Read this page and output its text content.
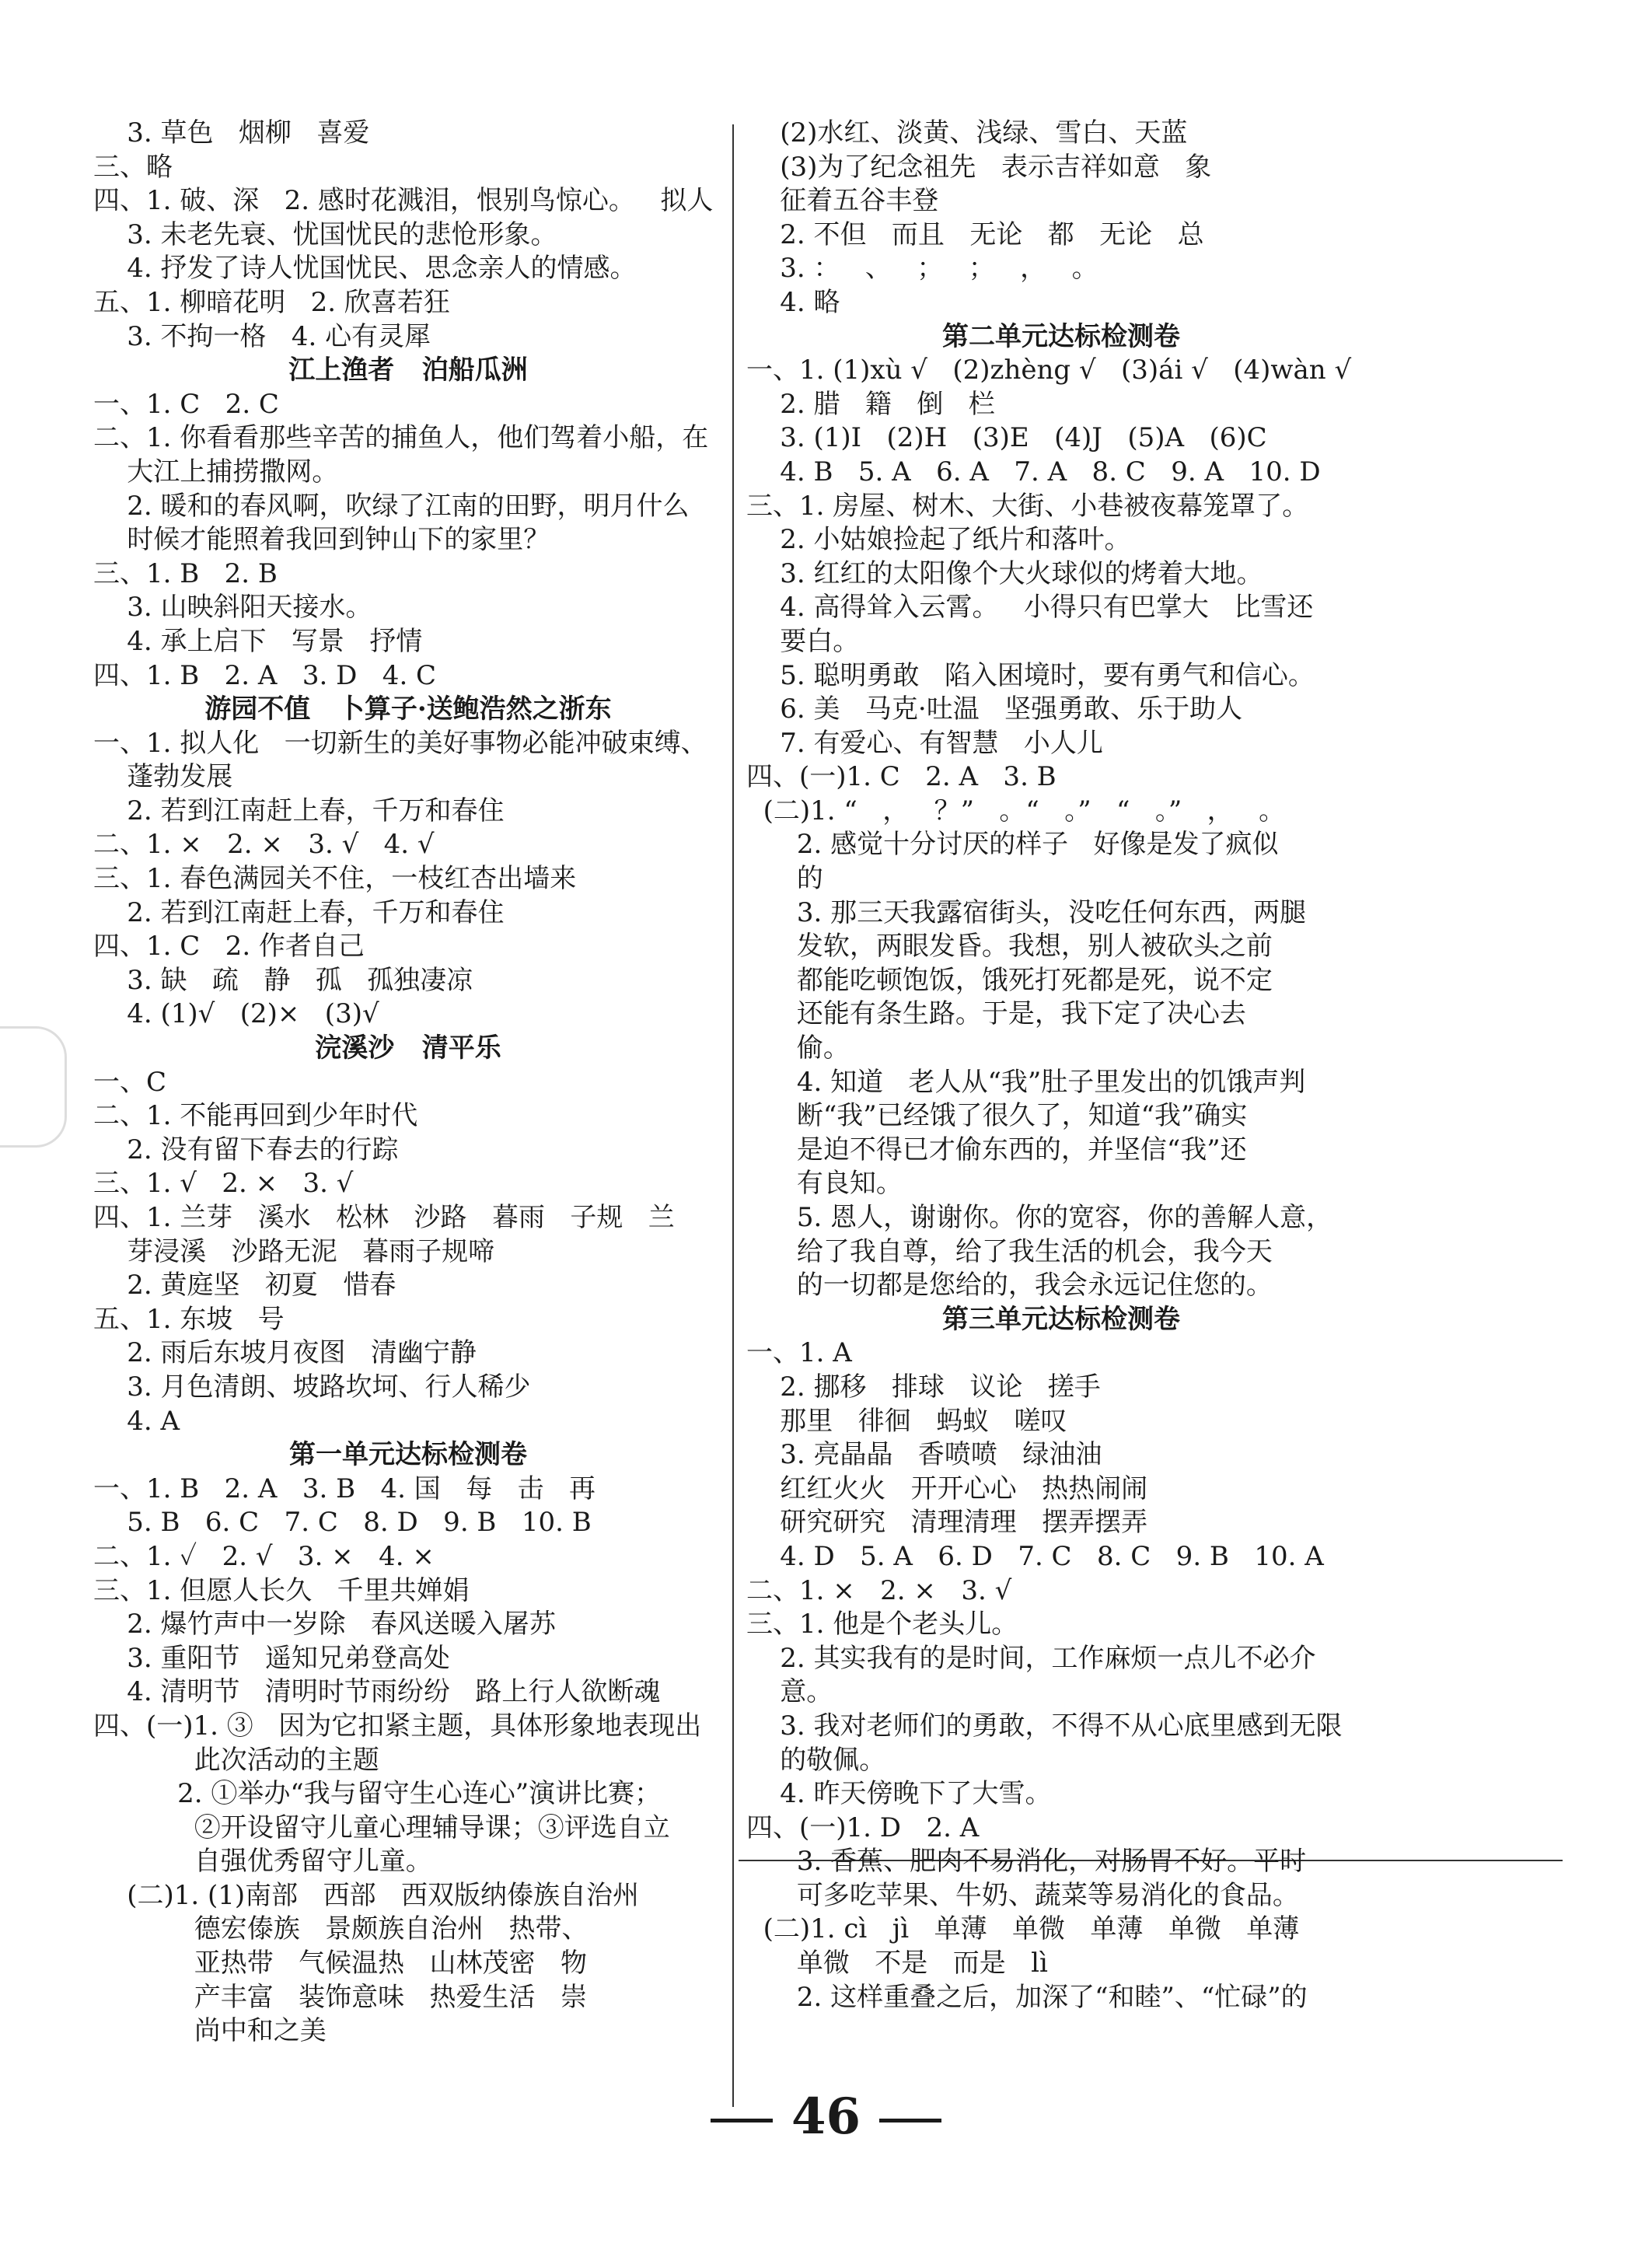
3. 草色   烟柳   喜爱
三、略
四、1. 破、深   2. 感时花溅泪，恨别鸟惊心。   拟人
3. 未老先衰、忧国忧民的悲怆形象。
4. 抒发了诗人忧国忧民、思念亲人的情感。
五、1. 柳暗花明   2. 欣喜若狂
3. 不拘一格   4. 心有灵犀
江上渔者   泊船瓜洲
一、1. C   2. C
二、1. 你看看那些辛苦的捕鱼人，他们驾着小船，在
大江上捕捞撒网。
2. 暖和的春风啊，吹绿了江南的田野，明月什么
时候才能照着我回到钟山下的家里？
三、1. B   2. B
3. 山映斜阳天接水。
4. 承上启下   写景   抒情
四、1. B   2. A   3. D   4. C
游园不值   卜算子·送鲍浩然之浙东
一、1. 拟人化   一切新生的美好事物必能冲破束缚、
蓬勃发展
2. 若到江南赶上春，千万和春住
二、1. ×   2. ×   3. √   4. √
三、1. 春色满园关不住，一枝红杏出墙来
2. 若到江南赶上春，千万和春住
四、1. C   2. 作者自己
3. 缺   疏   静   孤   孤独凄凉
4. (1)√   (2)×   (3)√
浣溪沙   清平乐
一、C
二、1. 不能再回到少年时代
2. 没有留下春去的行踪
三、1. √   2. ×   3. √
四、1. 兰芽   溪水   松林   沙路   暮雨   子规   兰
芽浸溪   沙路无泥   暮雨子规啼
2. 黄庭坚   初夏   惜春
五、1. 东坡   号
2. 雨后东坡月夜图   清幽宁静
3. 月色清朗、坡路坎坷、行人稀少
4. A
第一单元达标检测卷
一、1. B   2. A   3. B   4. 国   每   击   再
5. B   6. C   7. C   8. D   9. B   10. B
二、1. ✓   2. √   3. ×   4. ×
三、1. 但愿人长久   千里共婵娟
2. 爆竹声中一岁除   春风送暖入屠苏
3. 重阳节   遥知兄弟登高处
4. 清明节   清明时节雨纷纷   路上行人欲断魂
四、(一)1. ③   因为它扣紧主题，具体形象地表现出
此次活动的主题
2. ①举办“我与留守生心连心”演讲比赛；
②开设留守儿童心理辅导课；③评选自立
自强优秀留守儿童。
(二)1. (1)南部   西部   西双版纳傣族自治州
德宏傣族   景颇族自治州   热带、
亚热带   气候温热   山林茂密   物
产丰富   装饰意味   热爱生活   崇
尚中和之美
(2)水红、淡黄、浅绿、雪白、天蓝
(3)为了纪念祖先   表示吉祥如意   象
征着五谷丰登
2. 不但   而且   无论   都   无论   总
3. ：   、   ；   ；   ，   。
4. 略
第二单元达标检测卷
一、1. (1)xù √   (2)zhèng √   (3)ái √   (4)wàn √
2. 腊   籍   倒   栏
3. (1)I   (2)H   (3)E   (4)J   (5)A   (6)C
4. B   5. A   6. A   7. A   8. C   9. A   10. D
三、1. 房屋、树木、大街、小巷被夜幕笼罩了。
2. 小姑娘捡起了纸片和落叶。
3. 红红的太阳像个大火球似的烤着大地。
4. 高得耸入云霄。   小得只有巴掌大   比雪还
要白。
5. 聪明勇敢   陷入困境时，要有勇气和信心。
6. 美   马克·吐温   坚强勇敢、乐于助人
7. 有爱心、有智慧   小人儿
四、(一)1. C   2. A   3. B
(二)1. “   ，   ？”   。“   。”   “   。”   ，   。
2. 感觉十分讨厌的样子   好像是发了疯似
的
3. 那三天我露宿街头，没吃任何东西，两腿
发软，两眼发昏。我想，别人被砍头之前
都能吃顿饱饭，饿死打死都是死，说不定
还能有条生路。于是，我下定了决心去
偷。
4. 知道   老人从“我”肚子里发出的饥饿声判
断“我”已经饿了很久了，知道“我”确实
是迫不得已才偷东西的，并坚信“我”还
有良知。
5. 恩人，谢谢你。你的宽容，你的善解人意，
给了我自尊，给了我生活的机会，我今天
的一切都是您给的，我会永远记住您的。
第三单元达标检测卷
一、1. A
2. 挪移   排球   议论   搓手
那里   徘徊   蚂蚁   嗟叹
3. 亮晶晶   香喷喷   绿油油
红红火火   开开心心   热热闹闹
研究研究   清理清理   摆弄摆弄
4. D   5. A   6. D   7. C   8. C   9. B   10. A
二、1. ×   2. ×   3. √
三、1. 他是个老头儿。
2. 其实我有的是时间，工作麻烦一点儿不必介
意。
3. 我对老师们的勇敢，不得不从心底里感到无限
的敬佩。
4. 昨天傍晚下了大雪。
四、(一)1. D   2. A
3. 香蕉、肥肉不易消化，对肠胃不好。平时
可多吃苹果、牛奶、蔬菜等易消化的食品。
(二)1. cì   jì   单薄   单微   单薄   单微   单薄
单微   不是   而是   lì
2. 这样重叠之后，加深了“和睦”、“忙碌”的
46
